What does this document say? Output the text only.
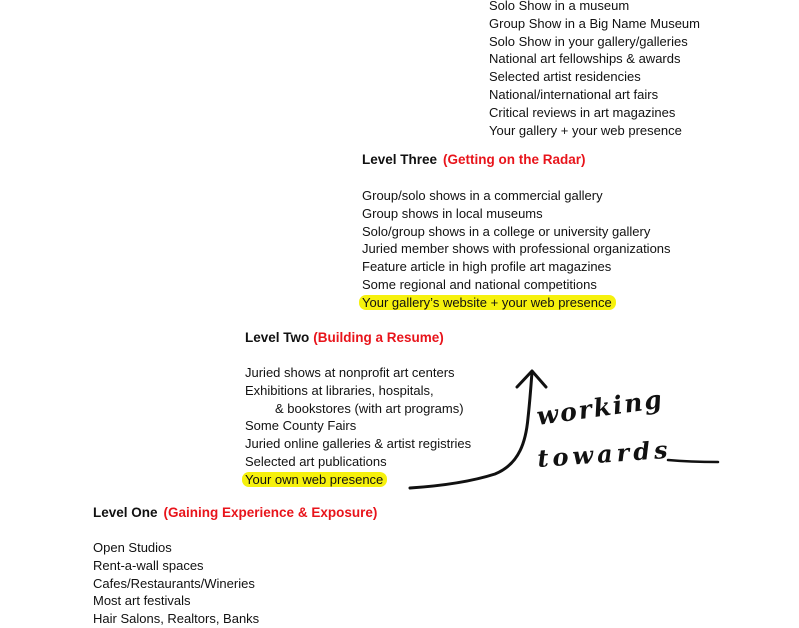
Solo Show in a museum
Group Show in a Big Name Museum
Solo Show in your gallery/galleries
National art fellowships & awards
Selected artist residencies
National/international art fairs
Critical reviews in art magazines
Your gallery + your web presence
Level Three (Getting on the Radar)
Group/solo shows in a commercial gallery
Group shows in local museums
Solo/group shows in a college or university gallery
Juried member shows with professional organizations
Feature article in high profile art magazines
Some regional and national competitions
Your gallery’s website + your web presence
Level Two (Building a Resume)
Juried shows at nonprofit art centers
Exhibitions at libraries, hospitals,
& bookstores (with art programs)
Some County Fairs
Juried online galleries & artist registries
Selected art publications
Your own web presence
Level One (Gaining Experience & Exposure)
Open Studios
Rent-a-wall spaces
Cafes/Restaurants/Wineries
Most art festivals
Hair Salons, Realtors, Banks
working
towards
